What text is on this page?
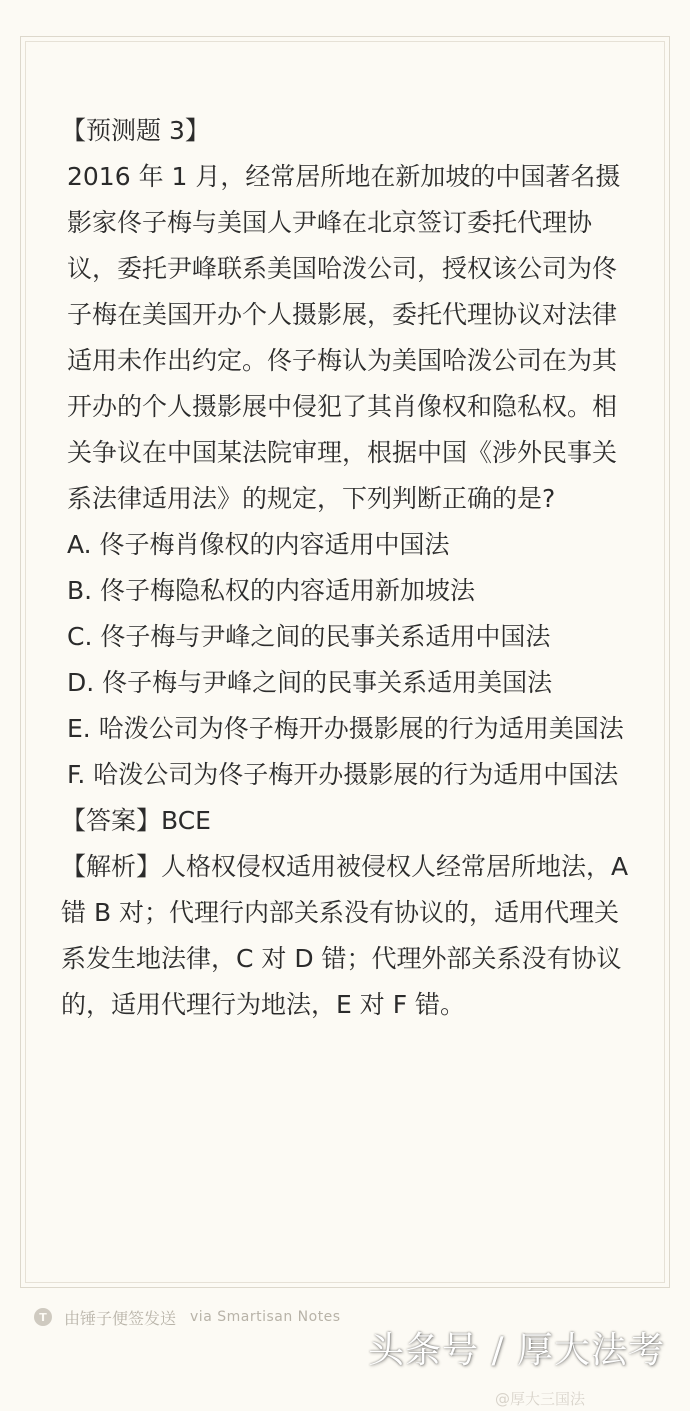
【预测题 3】

2016 年 1 月，经常居所地在新加坡的中国著名摄影家佟子梅与美国人尹峰在北京签订委托代理协议，委托尹峰联系美国哈泼公司，授权该公司为佟子梅在美国开办个人摄影展，委托代理协议对法律适用未作出约定。佟子梅认为美国哈泼公司在为其开办的个人摄影展中侵犯了其肖像权和隐私权。相关争议在中国某法院审理，根据中国《涉外民事关系法律适用法》的规定，下列判断正确的是?

A. 佟子梅肖像权的内容适用中国法

B. 佟子梅隐私权的内容适用新加坡法

C. 佟子梅与尹峰之间的民事关系适用中国法

D. 佟子梅与尹峰之间的民事关系适用美国法

E. 哈泼公司为佟子梅开办摄影展的行为适用美国法

F. 哈泼公司为佟子梅开办摄影展的行为适用中国法

【答案】BCE

【解析】人格权侵权适用被侵权人经常居所地法，A 错 B 对；代理行内部关系没有协议的，适用代理关系发生地法律，C 对 D 错；代理外部关系没有协议的，适用代理行为地法，E 对 F 错。

T	由锤子便签发送 via Smartisan Notes
头条号 / 厚大法考
@厚大三国法
